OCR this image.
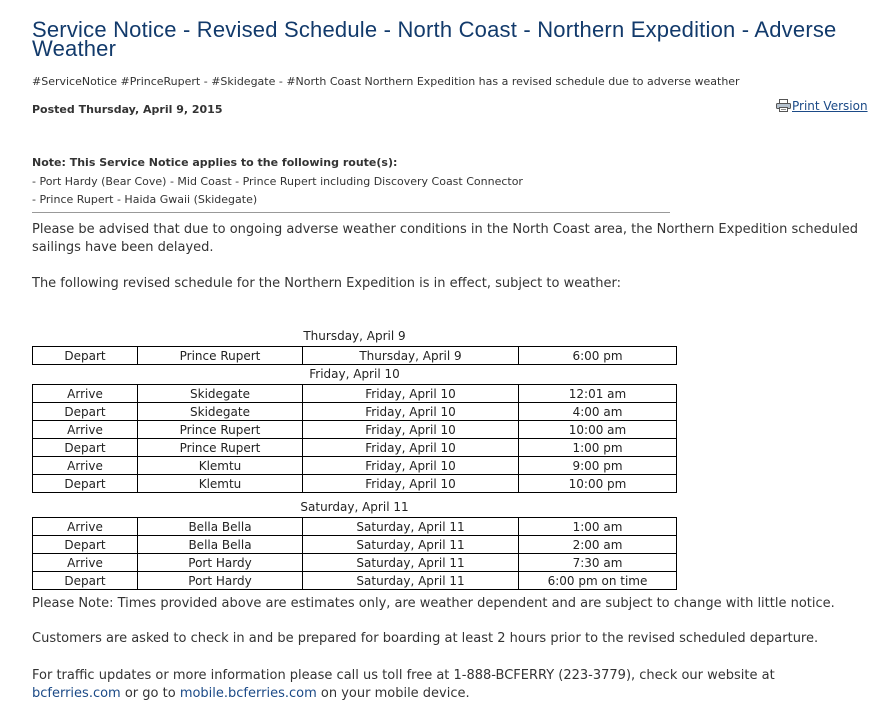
Service Notice - Revised Schedule - North Coast - Northern Expedition - Adverse Weather
#ServiceNotice #PrinceRupert - #Skidegate - #North Coast Northern Expedition has a revised schedule due to adverse weather
Posted Thursday, April 9, 2015	Print Version
Note: This Service Notice applies to the following route(s):
- Port Hardy (Bear Cove) - Mid Coast - Prince Rupert including Discovery Coast Connector
- Prince Rupert - Haida Gwaii (Skidegate)
Please be advised that due to ongoing adverse weather conditions in the North Coast area, the Northern Expedition scheduled sailings have been delayed.
The following revised schedule for the Northern Expedition is in effect, subject to weather:
Thursday, April 9
Depart	Prince Rupert	Thursday, April 9	6:00 pm
Friday, April 10
Arrive	Skidegate	Friday, April 10	12:01 am
Depart	Skidegate	Friday, April 10	4:00 am
Arrive	Prince Rupert	Friday, April 10	10:00 am
Depart	Prince Rupert	Friday, April 10	1:00 pm
Arrive	Klemtu	Friday, April 10	9:00 pm
Depart	Klemtu	Friday, April 10	10:00 pm
Saturday, April 11
Arrive	Bella Bella	Saturday, April 11	1:00 am
Depart	Bella Bella	Saturday, April 11	2:00 am
Arrive	Port Hardy	Saturday, April 11	7:30 am
Depart	Port Hardy	Saturday, April 11	6:00 pm on time
Please Note: Times provided above are estimates only, are weather dependent and are subject to change with little notice.
Customers are asked to check in and be prepared for boarding at least 2 hours prior to the revised scheduled departure.
For traffic updates or more information please call us toll free at 1-888-BCFERRY (223-3779), check our website at
bcferries.com or go to mobile.bcferries.com on your mobile device.
